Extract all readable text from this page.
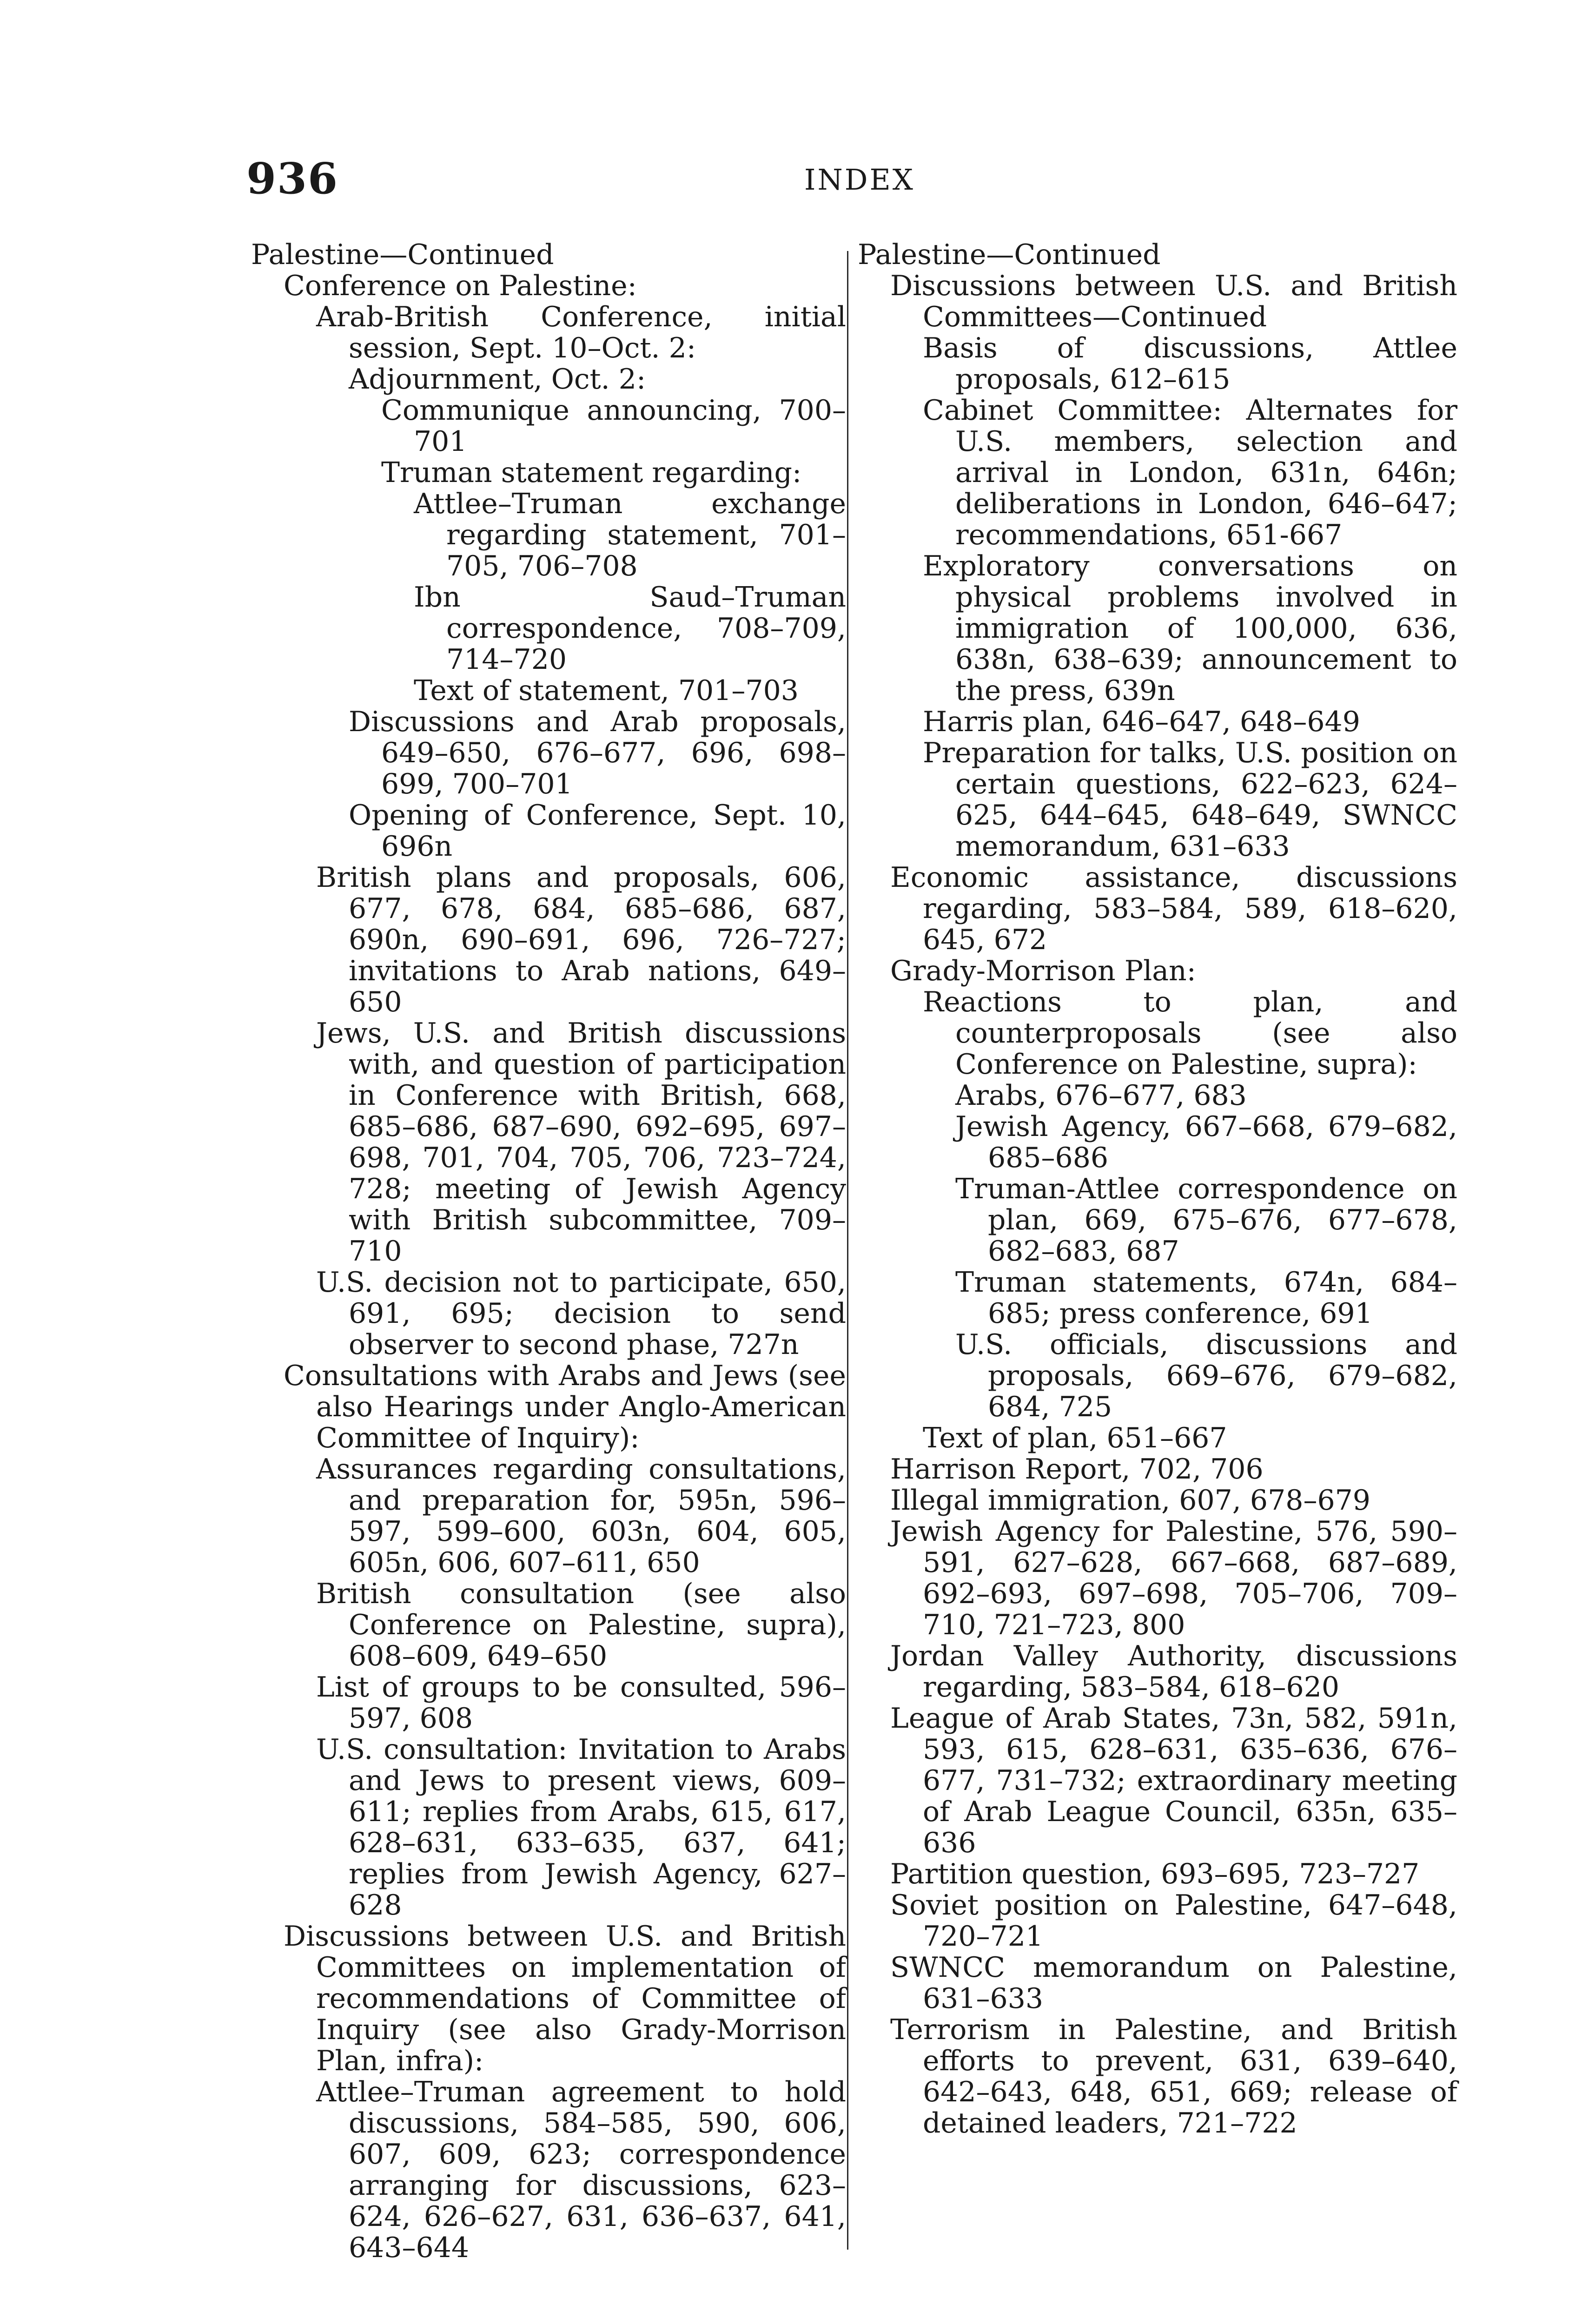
936	INDEX

Palestine—Continued

Conference on Palestine:

Arab-British Conference, initial session, Sept. 10–Oct. 2:

Adjournment, Oct. 2:

Communique announcing, 700–701

Truman statement regarding:

Attlee–Truman exchange regarding statement, 701–705, 706–708

Ibn Saud–Truman correspondence, 708–709, 714–720

Text of statement, 701–703

Discussions and Arab proposals, 649–650, 676–677, 696, 698–699, 700–701

Opening of Conference, Sept. 10, 696n

British plans and proposals, 606, 677, 678, 684, 685–686, 687, 690n, 690–691, 696, 726–727; invitations to Arab nations, 649–650

Jews, U.S. and British discussions with, and question of participation in Conference with British, 668, 685–686, 687–690, 692–695, 697–698, 701, 704, 705, 706, 723–724, 728; meeting of Jewish Agency with British subcommittee, 709–710

U.S. decision not to participate, 650, 691, 695; decision to send observer to second phase, 727n

Consultations with Arabs and Jews (see also Hearings under Anglo-American Committee of Inquiry):

Assurances regarding consultations, and preparation for, 595n, 596–597, 599–600, 603n, 604, 605, 605n, 606, 607–611, 650

British consultation (see also Conference on Palestine, supra), 608–609, 649–650

List of groups to be consulted, 596–597, 608

U.S. consultation: Invitation to Arabs and Jews to present views, 609–611; replies from Arabs, 615, 617, 628–631, 633–635, 637, 641; replies from Jewish Agency, 627–628

Discussions between U.S. and British Committees on implementation of recommendations of Committee of Inquiry (see also Grady-Morrison Plan, infra):

Attlee–Truman agreement to hold discussions, 584–585, 590, 606, 607, 609, 623; correspondence arranging for discussions, 623–624, 626–627, 631, 636–637, 641, 643–644

Palestine—Continued

Discussions between U.S. and British Committees—Continued

Basis of discussions, Attlee proposals, 612–615

Cabinet Committee: Alternates for U.S. members, selection and arrival in London, 631n, 646n; deliberations in London, 646–647; recommendations, 651-667

Exploratory conversations on physical problems involved in immigration of 100,000, 636, 638n, 638–639; announcement to the press, 639n

Harris plan, 646–647, 648–649

Preparation for talks, U.S. position on certain questions, 622–623, 624–625, 644–645, 648–649, SWNCC memorandum, 631–633

Economic assistance, discussions regarding, 583–584, 589, 618–620, 645, 672

Grady-Morrison Plan:

Reactions to plan, and counterproposals (see also Conference on Palestine, supra):

Arabs, 676–677, 683

Jewish Agency, 667–668, 679–682, 685–686

Truman-Attlee correspondence on plan, 669, 675–676, 677–678, 682–683, 687

Truman statements, 674n, 684–685; press conference, 691

U.S. officials, discussions and proposals, 669–676, 679–682, 684, 725

Text of plan, 651–667

Harrison Report, 702, 706

Illegal immigration, 607, 678–679

Jewish Agency for Palestine, 576, 590–591, 627–628, 667–668, 687–689, 692–693, 697–698, 705–706, 709–710, 721–723, 800

Jordan Valley Authority, discussions regarding, 583–584, 618–620

League of Arab States, 73n, 582, 591n, 593, 615, 628–631, 635–636, 676–677, 731–732; extraordinary meeting of Arab League Council, 635n, 635–636

Partition question, 693–695, 723–727

Soviet position on Palestine, 647–648, 720–721

SWNCC memorandum on Palestine, 631–633

Terrorism in Palestine, and British efforts to prevent, 631, 639–640, 642–643, 648, 651, 669; release of detained leaders, 721–722
